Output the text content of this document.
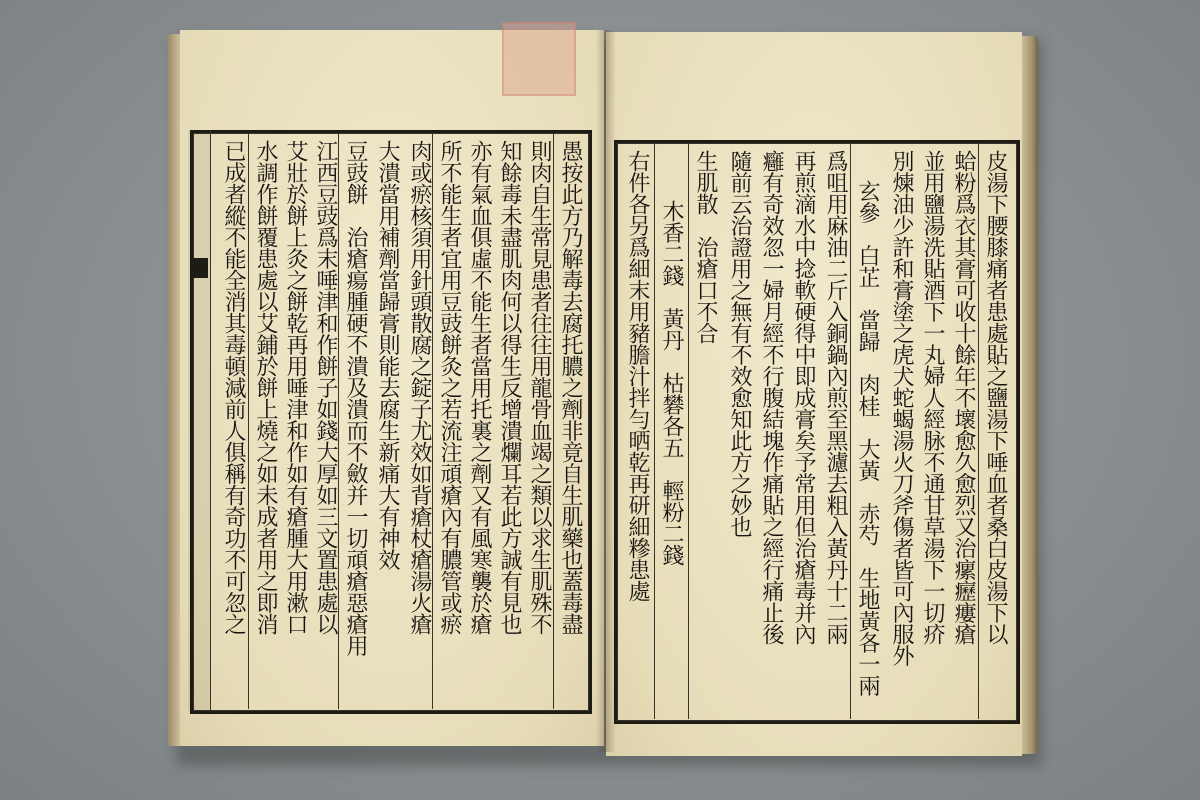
愚按此方乃解毒去腐托膿之劑非竟自生肌藥也蓋毒盡
則肉自生常見患者往往用龍骨血竭之類以求生肌殊不
知餘毒未盡肌肉何以得生反增潰爛耳若此方誠有見也
亦有氣血俱虛不能生者當用托裏之劑又有風寒襲於瘡
所不能生者宜用豆豉餅灸之若流注頑瘡內有膿管或瘀
肉或瘀核須用針頭散腐之錠子尤效如背瘡杖瘡湯火瘡
大潰當用補劑當歸膏則能去腐生新痛大有神效
豆豉餅　治瘡瘍腫硬不潰及潰而不斂并一切頑瘡惡瘡用
江西豆豉爲末唾津和作餅子如錢大厚如三文置患處以
艾壯於餅上灸之餅乾再用唾津和作如有瘡腫大用漱口
水調作餅覆患處以艾鋪於餅上燒之如未成者用之即消
已成者縱不能全消其毒頓減前人俱稱有奇功不可忽之	皮湯下腰膝痛者患處貼之鹽湯下唾血者桑白皮湯下以
蛤粉爲衣其膏可收十餘年不壞愈久愈烈又治瘰癧瘻瘡
並用鹽湯洗貼酒下一丸婦人經脉不通甘草湯下一切疥
別煉油少許和膏塗之虎犬蛇蝎湯火刀斧傷者皆可內服外
玄參　白芷　當歸　肉桂　大黃　赤芍　生地黃各一兩
爲咀用麻油二斤入銅鍋內煎至黑濾去粗入黃丹十二兩
再煎滴水中捻軟硬得中即成膏矣予常用但治瘡毒并內
癰有奇效忽一婦月經不行腹結塊作痛貼之經行痛止後
隨前云治證用之無有不效愈知此方之妙也
生肌散　治瘡口不合
木香二錢　黃丹　枯礬各五　輕粉二錢
右件各另爲細末用豬膽汁拌勻晒乾再研細糝患處
